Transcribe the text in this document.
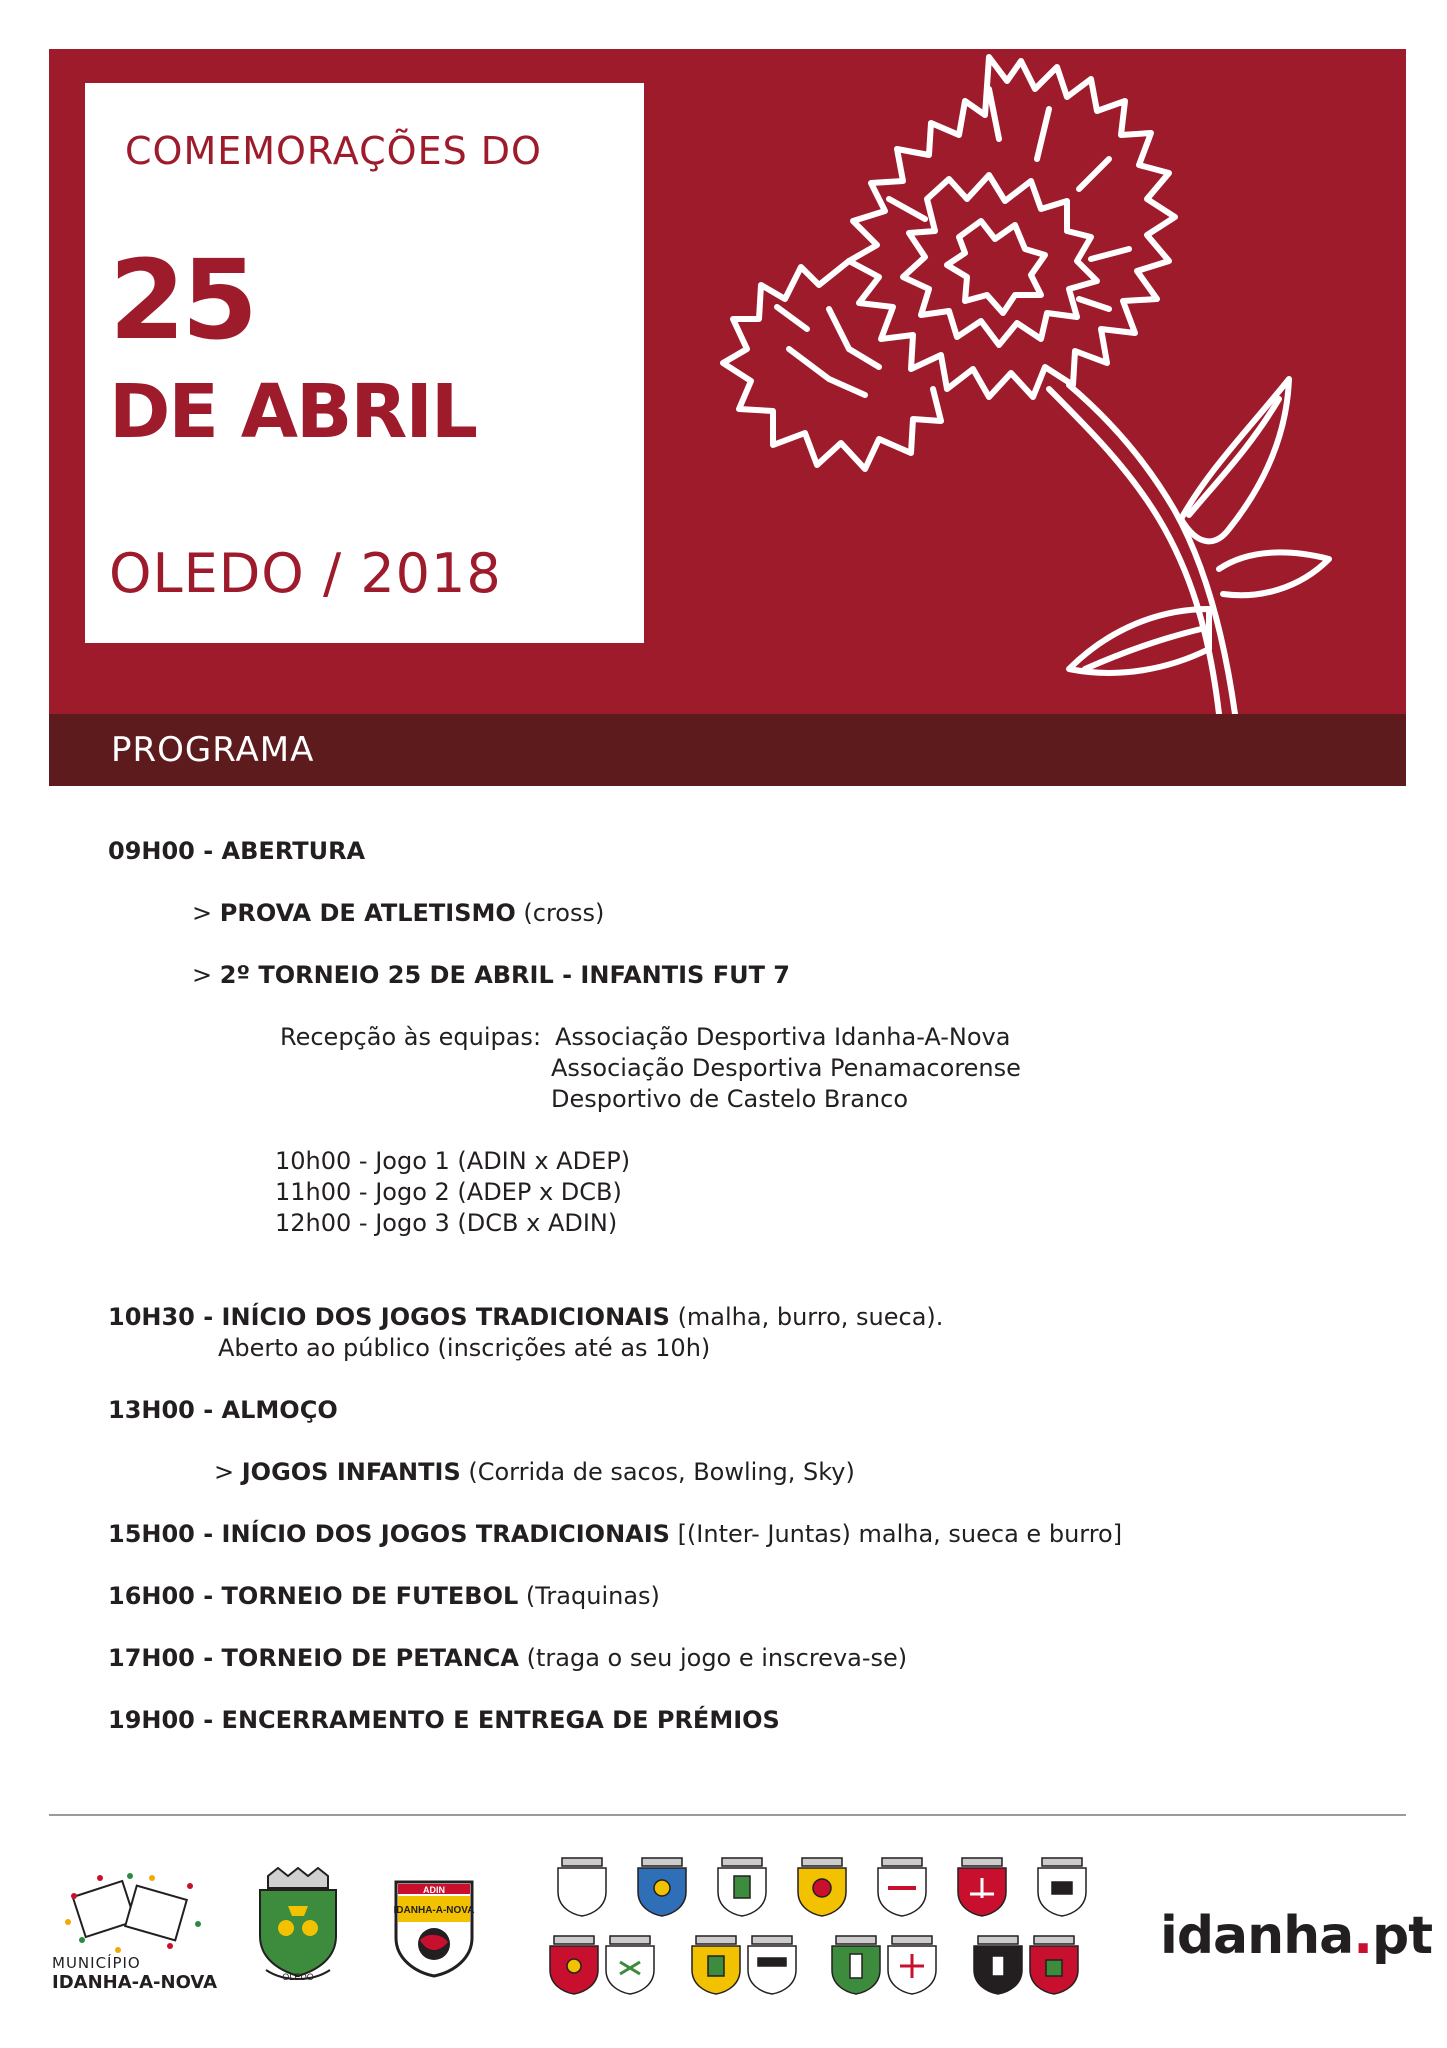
COMEMORAÇÕES DO
25
DE ABRIL
OLEDO / 2018
PROGRAMA
09H00 - ABERTURA
> PROVA DE ATLETISMO (cross)
> 2º TORNEIO 25 DE ABRIL - INFANTIS FUT 7
Recepção às equipas: Associação Desportiva Idanha-A-Nova
Associação Desportiva Penamacorense
Desportivo de Castelo Branco
10h00 - Jogo 1 (ADIN x ADEP)
11h00 - Jogo 2 (ADEP x DCB)
12h00 - Jogo 3 (DCB x ADIN)
10H30 - INÍCIO DOS JOGOS TRADICIONAIS (malha, burro, sueca).
Aberto ao público (inscrições até as 10h)
13H00 - ALMOÇO
> JOGOS INFANTIS (Corrida de sacos, Bowling, Sky)
15H00 - INÍCIO DOS JOGOS TRADICIONAIS [(Inter- Juntas) malha, sueca e burro]
16H00 - TORNEIO DE FUTEBOL (Traquinas)
17H00 - TORNEIO DE PETANCA (traga o seu jogo e inscreva-se)
19H00 - ENCERRAMENTO E ENTREGA DE PRÉMIOS
MUNICÍPIO
IDANHA-A-NOVA	OLEDO
ADIN
IDANHA-A-NOVA	idanha.pt
